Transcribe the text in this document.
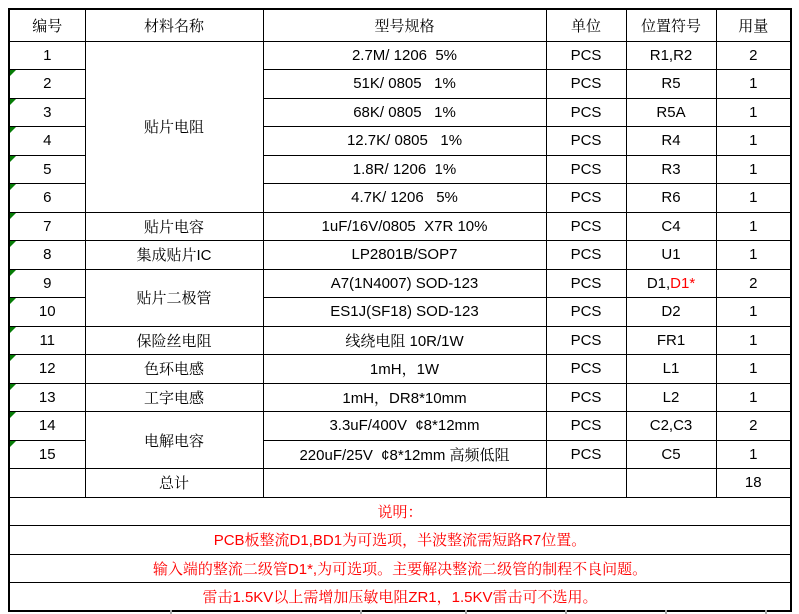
编号	材料名称	型号规格	单位	位置符号	用量
1	贴片电阻	2.7M/ 1206  5%	PCS	R1,R2	2

2		51K/ 0805   1%	PCS	R5	1

3		68K/ 0805   1%	PCS	R5A	1

4		12.7K/ 0805   1%	PCS	R4	1

5		1.8R/ 1206  1%	PCS	R3	1

6		4.7K/ 1206   5%	PCS	R6	1

7	贴片电容	1uF/16V/0805  X7R 10%	PCS	C4	1

8	集成贴片IC	LP2801B/SOP7	PCS	U1	1

9	贴片二极管	A7(1N4007) SOD-123	PCS	D1,D1*	2

10		ES1J(SF18) SOD-123	PCS	D2	1

11	保险丝电阻	线绕电阻 10R/1W	PCS	FR1	1

12	色环电感	1mH，1W	PCS	L1	1

13	工字电感	1mH，DR8*10mm	PCS	L2	1

14	电解电容	3.3uF/400V  ¢8*12mm	PCS	C2,C3	2

15		220uF/25V  ¢8*12mm 高频低阻	PCS	C5	1
	总计				18
说明：					
PCB板整流D1,BD1为可选项，半波整流需短路R7位置。					
输入端的整流二级管D1*,为可选项。主要解决整流二级管的制程不良问题。					
雷击1.5KV以上需增加压敏电阻ZR1，1.5KV雷击可不选用。					
